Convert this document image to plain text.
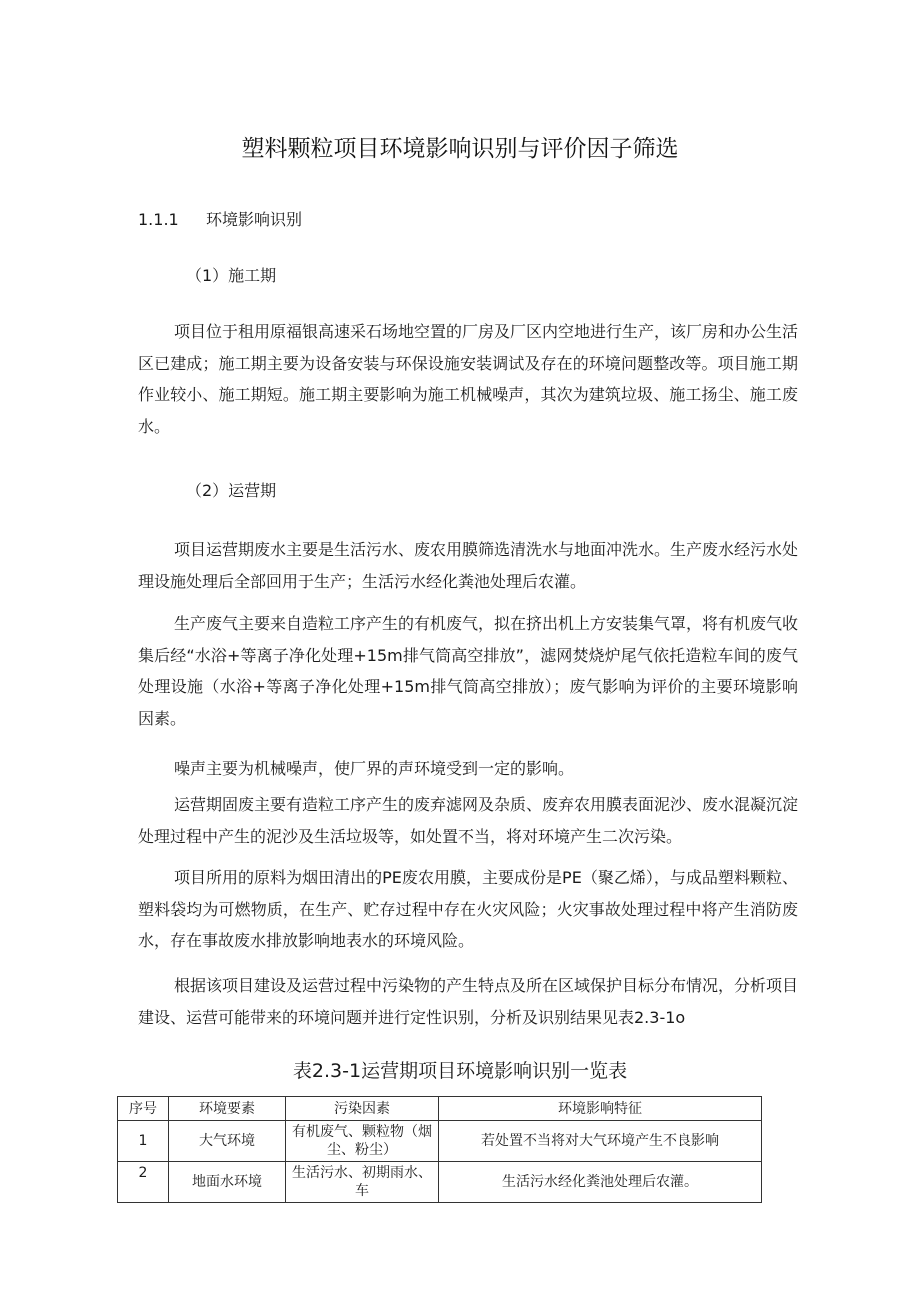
塑料颗粒项目环境影响识别与评价因子筛选
1.1.1 环境影响识别
（1）施工期

项目位于租用原福银高速采石场地空置的厂房及厂区内空地进行生产，该厂房和办公生活区已建成；施工期主要为设备安装与环保设施安装调试及存在的环境问题整改等。项目施工期作业较小、施工期短。施工期主要影响为施工机械噪声，其次为建筑垃圾、施工扬尘、施工废水。

（2）运营期

项目运营期废水主要是生活污水、废农用膜筛选清洗水与地面冲洗水。生产废水经污水处理设施处理后全部回用于生产；生活污水经化粪池处理后农灌。

生产废气主要来自造粒工序产生的有机废气，拟在挤出机上方安装集气罩，将有机废气收集后经“水浴+等离子净化处理+15m排气筒高空排放”，滤网焚烧炉尾气依托造粒车间的废气处理设施（水浴+等离子净化处理+15m排气筒高空排放）；废气影响为评价的主要环境影响因素。

噪声主要为机械噪声，使厂界的声环境受到一定的影响。

运营期固废主要有造粒工序产生的废弃滤网及杂质、废弃农用膜表面泥沙、废水混凝沉淀处理过程中产生的泥沙及生活垃圾等，如处置不当，将对环境产生二次污染。

项目所用的原料为烟田清出的PE废农用膜，主要成份是PE（聚乙烯），与成品塑料颗粒、塑料袋均为可燃物质，在生产、贮存过程中存在火灾风险；火灾事故处理过程中将产生消防废水，存在事故废水排放影响地表水的环境风险。

根据该项目建设及运营过程中污染物的产生特点及所在区域保护目标分布情况，分析项目建设、运营可能带来的环境问题并进行定性识别，分析及识别结果见表2.3-1o

表2.3-1运营期项目环境影响识别一览表
序号	环境要素	污染因素	环境影响特征
1	大气环境	有机废气、颗粒物（烟尘、粉尘）	若处置不当将对大气环境产生不良影响
2	地面水环境	生活污水、初期雨水、车	生活污水经化粪池处理后农灌。
